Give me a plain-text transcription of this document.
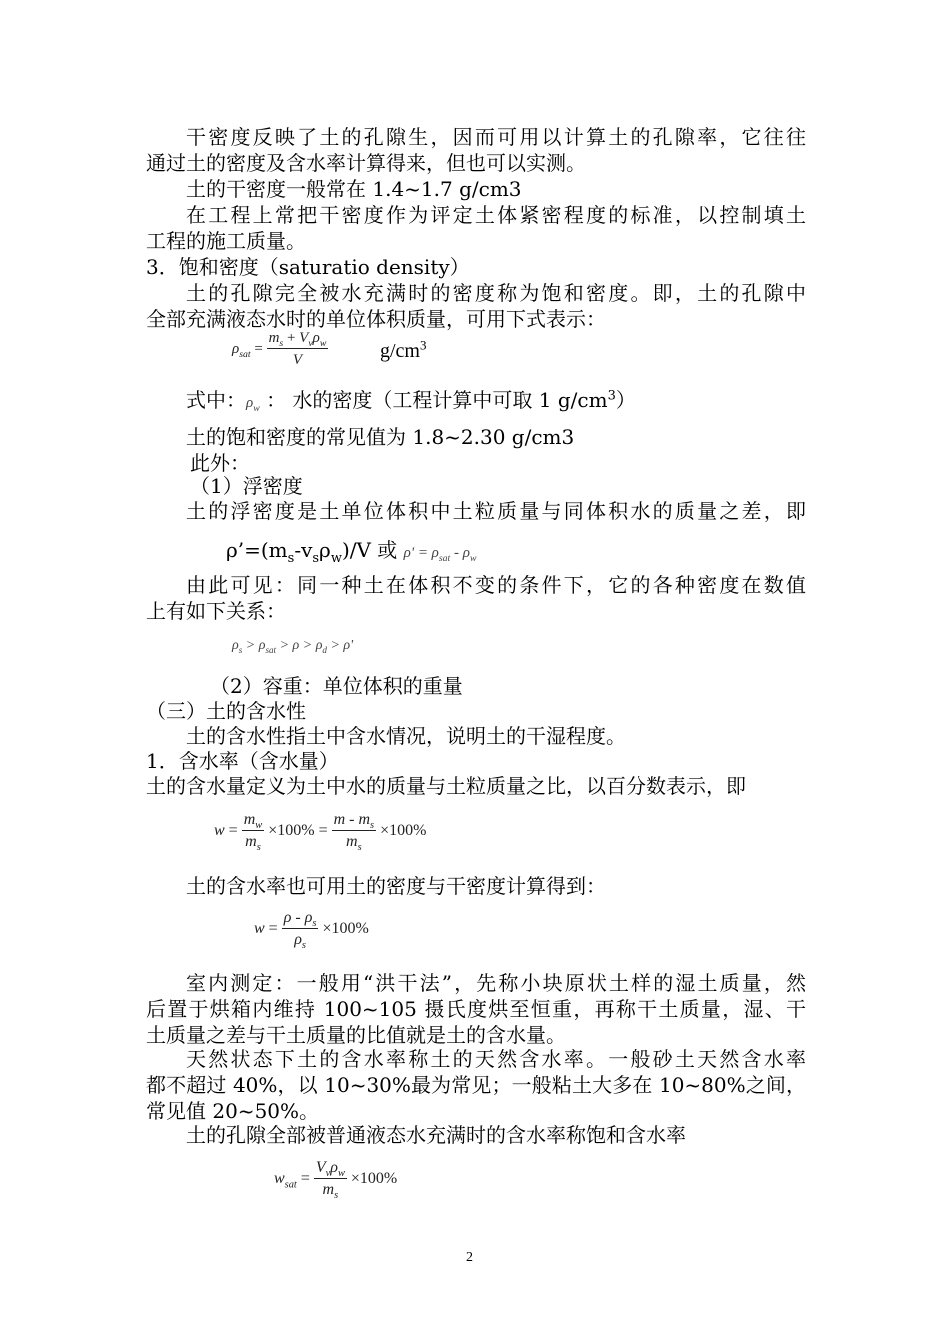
干密度反映了土的孔隙生，因而可用以计算土的孔隙率，它往往
通过土的密度及含水率计算得来，但也可以实测。
土的干密度一般常在 1.4~1.7 g/cm3
在工程上常把干密度作为评定土体紧密程度的标准，以控制填土
工程的施工质量。
3．饱和密度（saturatio density）
土的孔隙完全被水充满时的密度称为饱和密度。即，土的孔隙中
全部充满液态水时的单位体积质量，可用下式表示：
$\rho_{sat} = \frac{m_s + V_v\rho_w}{V}$	$g/cm^3$
式中：$\rho_w$ ： 水的密度（工程计算中可取 1 $g/cm^3$）
土的饱和密度的常见值为 1.8~2.30 g/cm3
此外：
（1）浮密度
土的浮密度是土单位体积中土粒质量与同体积水的质量之差，即
$\rho’=(m_s-v_s\rho_w)/V$ 或 $\rho' = \rho_{sat} - \rho_w$
由此可见：同一种土在体积不变的条件下，它的各种密度在数值
上有如下关系：
$\rho_s > \rho_{sat} > \rho > \rho_d > \rho'$
（2）容重：单位体积的重量
（三）土的含水性
土的含水性指土中含水情况，说明土的干湿程度。
1．含水率（含水量）
土的含水量定义为土中水的质量与土粒质量之比，以百分数表示，即
$w = \frac{m_w}{m_s} \times 100\% = \frac{m - m_s}{m_s} \times 100\%$
土的含水率也可用土的密度与干密度计算得到：
$w = \frac{\rho - \rho_s}{\rho_s} \times 100\%$
室内测定：一般用“洪干法”，先称小块原状土样的湿土质量，然
后置于烘箱内维持 100~105 摄氏度烘至恒重，再称干土质量，湿、干
土质量之差与干土质量的比值就是土的含水量。
天然状态下土的含水率称土的天然含水率。一般砂土天然含水率
都不超过 40%，以 10~30%最为常见；一般粘土大多在 10~80%之间，
常见值 20~50%。
土的孔隙全部被普通液态水充满时的含水率称饱和含水率
$w_{sat} = \frac{V_v\rho_w}{m_s} \times 100\%$
2
